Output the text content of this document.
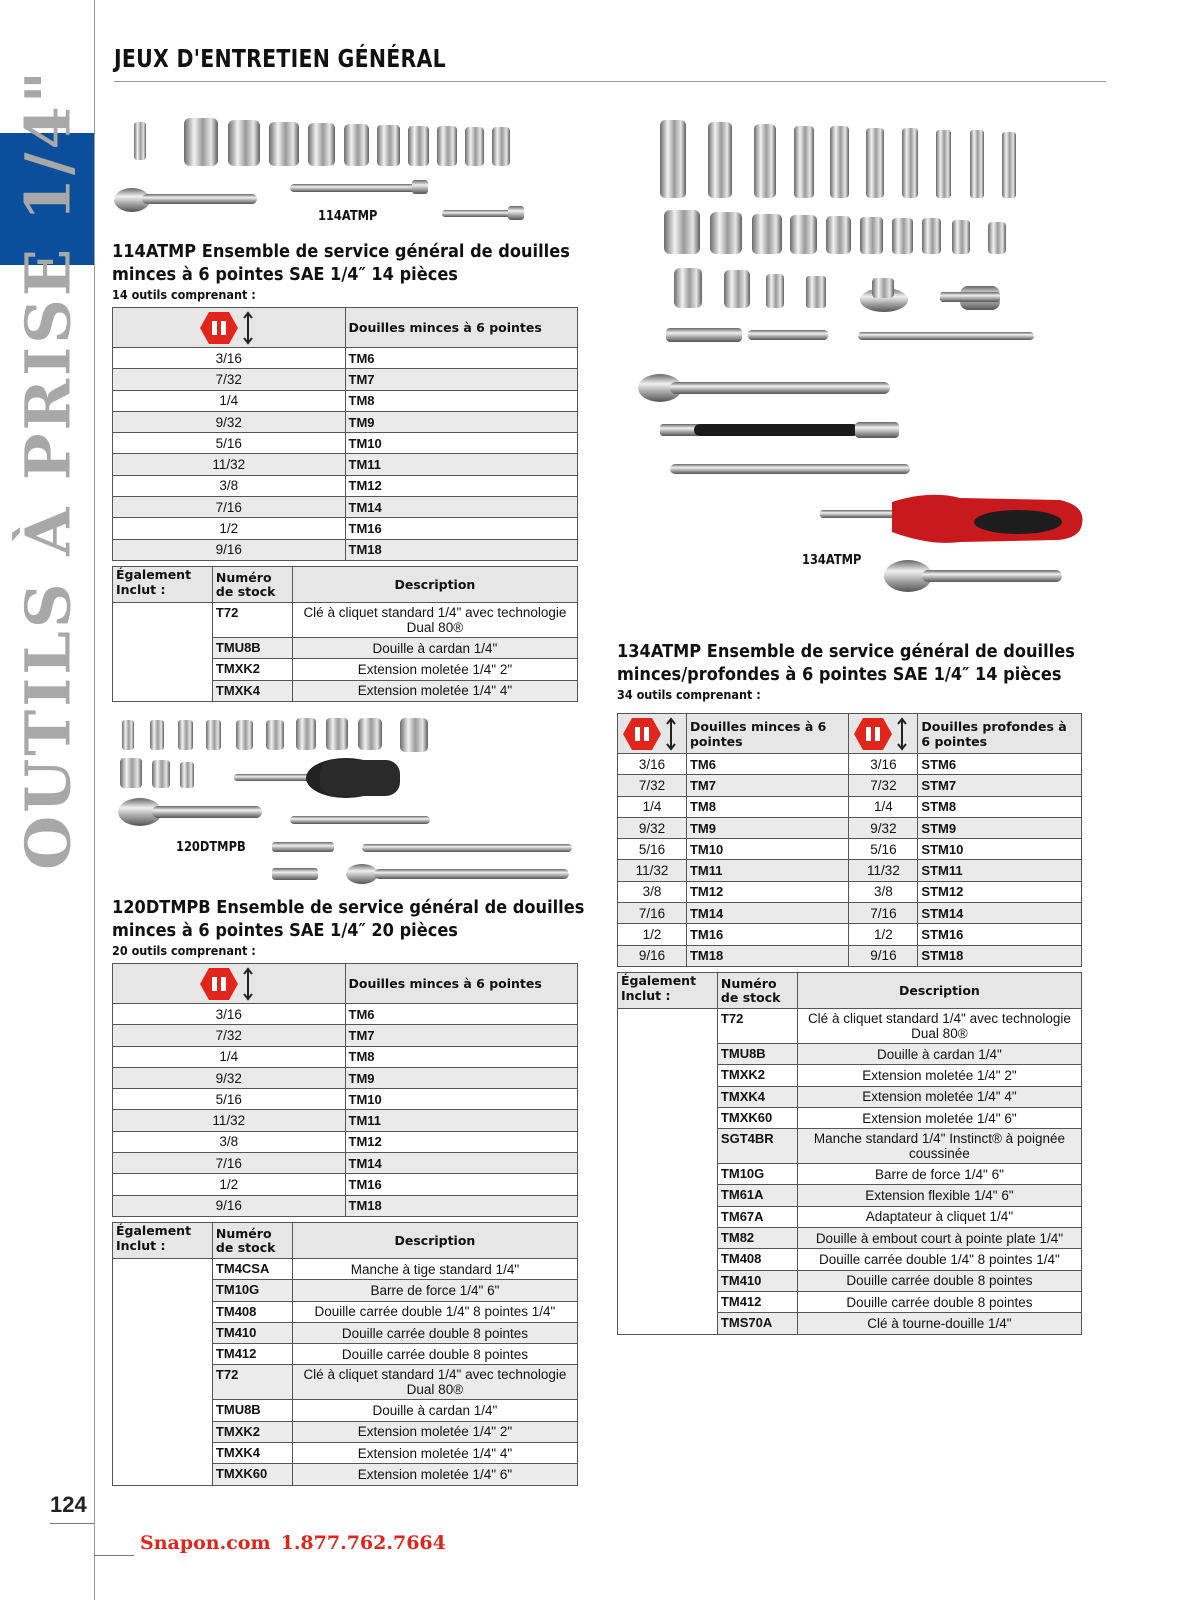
OUTILS À PRISE 1/4"
124
Snapon.com 1.877.762.7664
JEUX D'ENTRETIEN GÉNÉRAL
114ATMP
114ATMP Ensemble de service général de douilles
minces à 6 pointes SAE 1/4″ 14 pièces
14 outils comprenant :
	Douilles minces à 6 pointes
3/16	TM6
7/32	TM7
1/4	TM8
9/32	TM9
5/16	TM10
11/32	TM11
3/8	TM12
7/16	TM14
1/2	TM16
9/16	TM18
Également Inclut :	Numéro de stock	Description
	T72	Clé à cliquet standard 1/4" avec technologie Dual 80®
	TMU8B	Douille à cardan 1/4"
	TMXK2	Extension moletée 1/4" 2"
	TMXK4	Extension moletée 1/4" 4"
120DTMPB
120DTMPB Ensemble de service général de douilles
minces à 6 pointes SAE 1/4″ 20 pièces
20 outils comprenant :
	Douilles minces à 6 pointes
3/16	TM6
7/32	TM7
1/4	TM8
9/32	TM9
5/16	TM10
11/32	TM11
3/8	TM12
7/16	TM14
1/2	TM16
9/16	TM18
Également Inclut :	Numéro de stock	Description
	TM4CSA	Manche à tige standard 1/4"
	TM10G	Barre de force 1/4" 6"
	TM408	Douille carrée double 1/4" 8 pointes 1/4"
	TM410	Douille carrée double 8 pointes
	TM412	Douille carrée double 8 pointes
	T72	Clé à cliquet standard 1/4" avec technologie Dual 80®
	TMU8B	Douille à cardan 1/4"
	TMXK2	Extension moletée 1/4" 2"
	TMXK4	Extension moletée 1/4" 4"
	TMXK60	Extension moletée 1/4" 6"
134ATMP
134ATMP Ensemble de service général de douilles
minces/profondes à 6 pointes SAE 1/4″ 14 pièces
34 outils comprenant :
	Douilles minces à 6 pointes		Douilles profondes à 6 pointes
3/16	TM6	3/16	STM6
7/32	TM7	7/32	STM7
1/4	TM8	1/4	STM8
9/32	TM9	9/32	STM9
5/16	TM10	5/16	STM10
11/32	TM11	11/32	STM11
3/8	TM12	3/8	STM12
7/16	TM14	7/16	STM14
1/2	TM16	1/2	STM16
9/16	TM18	9/16	STM18
Également Inclut :	Numéro de stock	Description
	T72	Clé à cliquet standard 1/4" avec technologie Dual 80®
	TMU8B	Douille à cardan 1/4"
	TMXK2	Extension moletée 1/4" 2"
	TMXK4	Extension moletée 1/4" 4"
	TMXK60	Extension moletée 1/4" 6"
	SGT4BR	Manche standard 1/4" Instinct® à poignée coussinée
	TM10G	Barre de force 1/4" 6"
	TM61A	Extension flexible 1/4" 6"
	TM67A	Adaptateur à cliquet 1/4"
	TM82	Douille à embout court à pointe plate 1/4"
	TM408	Douille carrée double 1/4" 8 pointes 1/4"
	TM410	Douille carrée double 8 pointes
	TM412	Douille carrée double 8 pointes
	TMS70A	Clé à tourne-douille 1/4"
